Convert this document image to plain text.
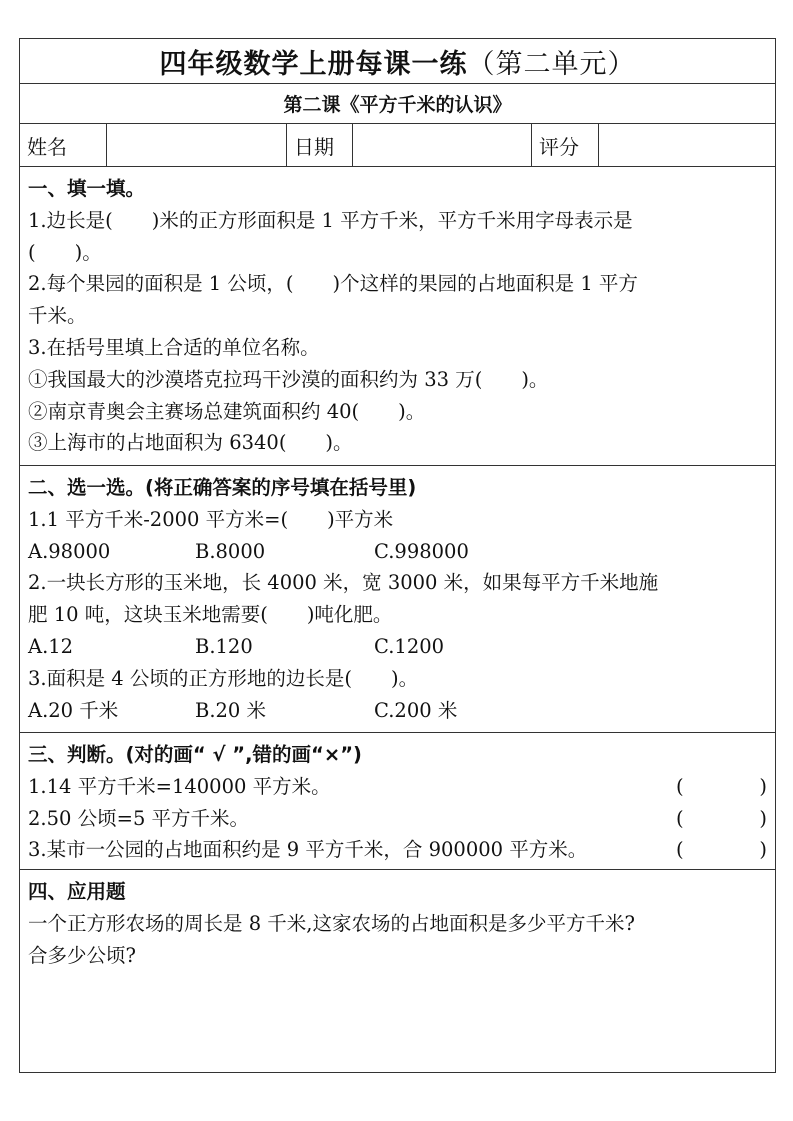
四年级数学上册每课一练 （第二单元）
第二课《平方千米的认识》
姓名	日期	评分
一、填一填。
1.边长是(　　)米的正方形面积是 1 平方千米，平方千米用字母表示是
(　　)。
2.每个果园的面积是 1 公顷，(　　)个这样的果园的占地面积是 1 平方
千米。
3.在括号里填上合适的单位名称。
①我国最大的沙漠塔克拉玛干沙漠的面积约为 33 万(　　)。
②南京青奥会主赛场总建筑面积约 40(　　)。
③上海市的占地面积为 6340(　　)。
二、选一选。(将正确答案的序号填在括号里)
1.1 平方千米-2000 平方米=(　　)平方米
A.98000	B.8000	C.998000
2.一块长方形的玉米地，长 4000 米，宽 3000 米，如果每平方千米地施
肥 10 吨，这块玉米地需要(　　)吨化肥。
A.12	B.120	C.1200
3.面积是 4 公顷的正方形地的边长是(　　)。
A.20 千米	B.20 米	C.200 米
三、判断。(对的画“ √ ”,错的画“×”)
1.14 平方千米=140000 平方米。	(	)
2.50 公顷=5 平方千米。	(	)
3.某市一公园的占地面积约是 9 平方千米，合 900000 平方米。	(	)
四、应用题
一个正方形农场的周长是 8 千米,这家农场的占地面积是多少平方千米?
合多少公顷?
